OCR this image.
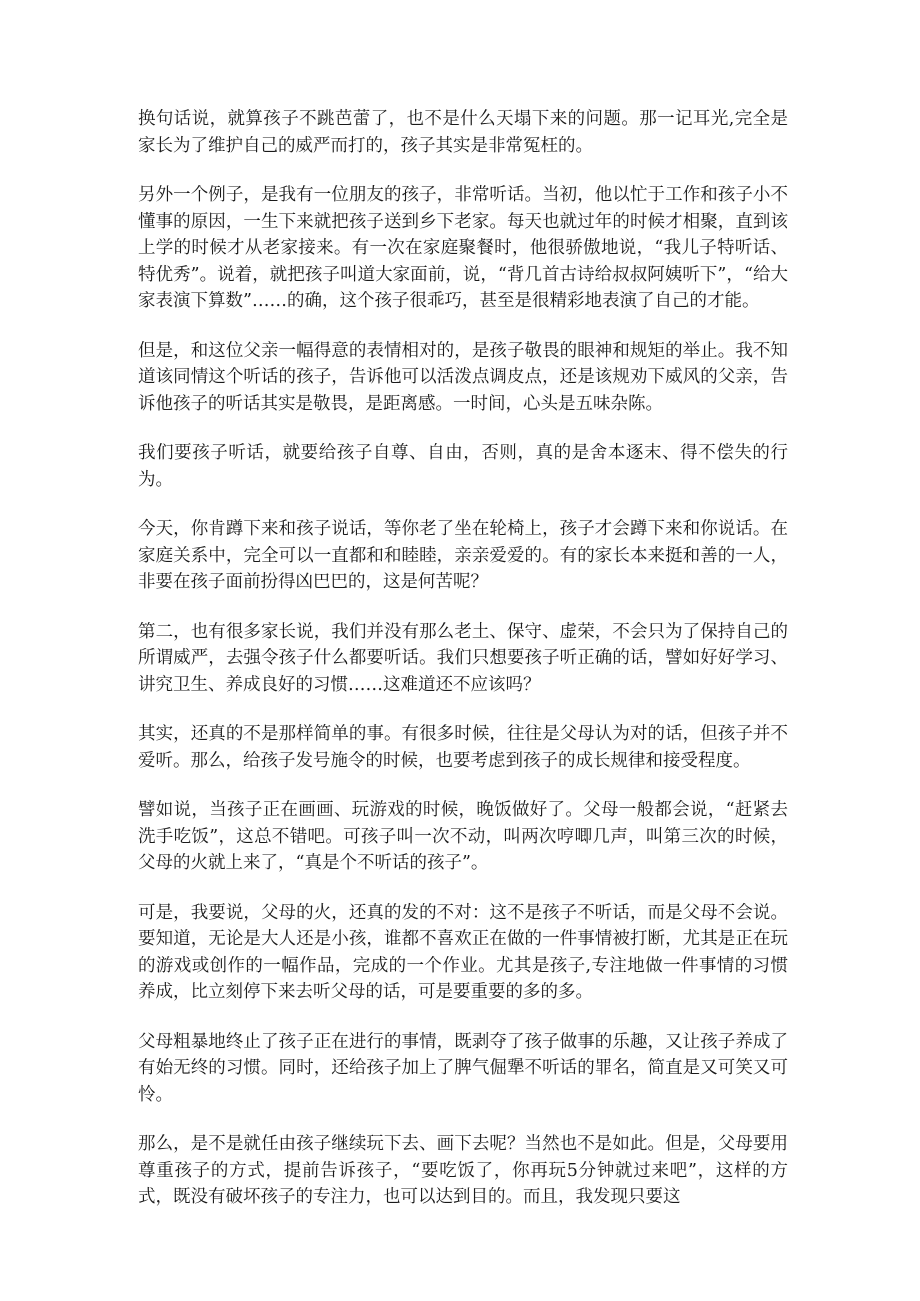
换句话说，就算孩子不跳芭蕾了，也不是什么天塌下来的问题。那一记耳光,完全是家长为了维护自己的威严而打的，孩子其实是非常冤枉的。

另外一个例子，是我有一位朋友的孩子，非常听话。当初，他以忙于工作和孩子小不懂事的原因，一生下来就把孩子送到乡下老家。每天也就过年的时候才相聚，直到该上学的时候才从老家接来。有一次在家庭聚餐时，他很骄傲地说，“我儿子特听话、特优秀”。说着，就把孩子叫道大家面前，说，“背几首古诗给叔叔阿姨听下”，“给大家表演下算数”……的确，这个孩子很乖巧，甚至是很精彩地表演了自己的才能。

但是，和这位父亲一幅得意的表情相对的，是孩子敬畏的眼神和规矩的举止。我不知道该同情这个听话的孩子，告诉他可以活泼点调皮点，还是该规劝下威风的父亲，告诉他孩子的听话其实是敬畏，是距离感。一时间，心头是五味杂陈。

我们要孩子听话，就要给孩子自尊、自由，否则，真的是舍本逐末、得不偿失的行为。

今天，你肯蹲下来和孩子说话，等你老了坐在轮椅上，孩子才会蹲下来和你说话。在家庭关系中，完全可以一直都和和睦睦，亲亲爱爱的。有的家长本来挺和善的一人，非要在孩子面前扮得凶巴巴的，这是何苦呢？

第二，也有很多家长说，我们并没有那么老土、保守、虚荣，不会只为了保持自己的所谓威严，去强令孩子什么都要听话。我们只想要孩子听正确的话，譬如好好学习、讲究卫生、养成良好的习惯……这难道还不应该吗？

其实，还真的不是那样简单的事。有很多时候，往往是父母认为对的话，但孩子并不爱听。那么，给孩子发号施令的时候，也要考虑到孩子的成长规律和接受程度。

譬如说，当孩子正在画画、玩游戏的时候，晚饭做好了。父母一般都会说，“赶紧去洗手吃饭”，这总不错吧。可孩子叫一次不动，叫两次哼唧几声，叫第三次的时候，父母的火就上来了，“真是个不听话的孩子”。

可是，我要说，父母的火，还真的发的不对：这不是孩子不听话，而是父母不会说。要知道，无论是大人还是小孩，谁都不喜欢正在做的一件事情被打断，尤其是正在玩的游戏或创作的一幅作品，完成的一个作业。尤其是孩子,专注地做一件事情的习惯养成，比立刻停下来去听父母的话，可是要重要的多的多。

父母粗暴地终止了孩子正在进行的事情，既剥夺了孩子做事的乐趣，又让孩子养成了有始无终的习惯。同时，还给孩子加上了脾气倔犟不听话的罪名，简直是又可笑又可怜。

那么，是不是就任由孩子继续玩下去、画下去呢？当然也不是如此。但是，父母要用尊重孩子的方式，提前告诉孩子，“要吃饭了，你再玩5分钟就过来吧”，这样的方式，既没有破坏孩子的专注力，也可以达到目的。而且，我发现只要这
